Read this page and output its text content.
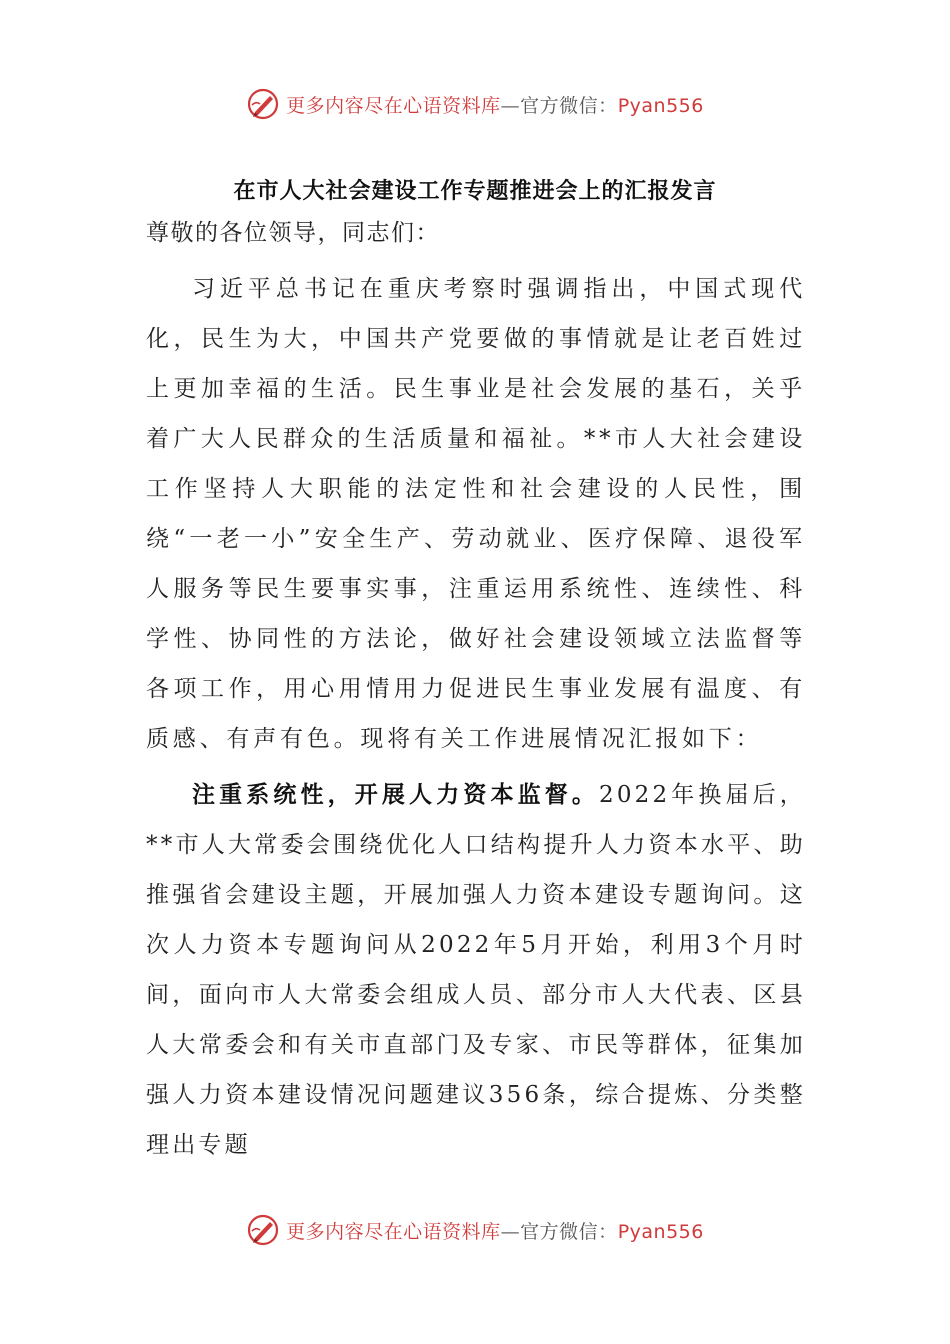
更多内容尽在心语资料库—官方微信：Pyan556
在市人大社会建设工作专题推进会上的汇报发言

尊敬的各位领导，同志们：

习近平总书记在重庆考察时强调指出，中国式现代化，民生为大，中国共产党要做的事情就是让老百姓过上更加幸福的生活。民生事业是社会发展的基石，关乎着广大人民群众的生活质量和福祉。**市人大社会建设工作坚持人大职能的法定性和社会建设的人民性，围绕“一老一小”安全生产、劳动就业、医疗保障、退役军人服务等民生要事实事，注重运用系统性、连续性、科学性、协同性的方法论，做好社会建设领域立法监督等各项工作，用心用情用力促进民生事业发展有温度、有质感、有声有色。现将有关工作进展情况汇报如下：

注重系统性，开展人力资本监督。2022年换届后，**市人大常委会围绕优化人口结构提升人力资本水平、助推强省会建设主题，开展加强人力资本建设专题询问。这次人力资本专题询问从2022年5月开始，利用3个月时间，面向市人大常委会组成人员、部分市人大代表、区县人大常委会和有关市直部门及专家、市民等群体，征集加强人力资本建设情况问题建议356条，综合提炼、分类整理出专题

更多内容尽在心语资料库—官方微信：Pyan556
